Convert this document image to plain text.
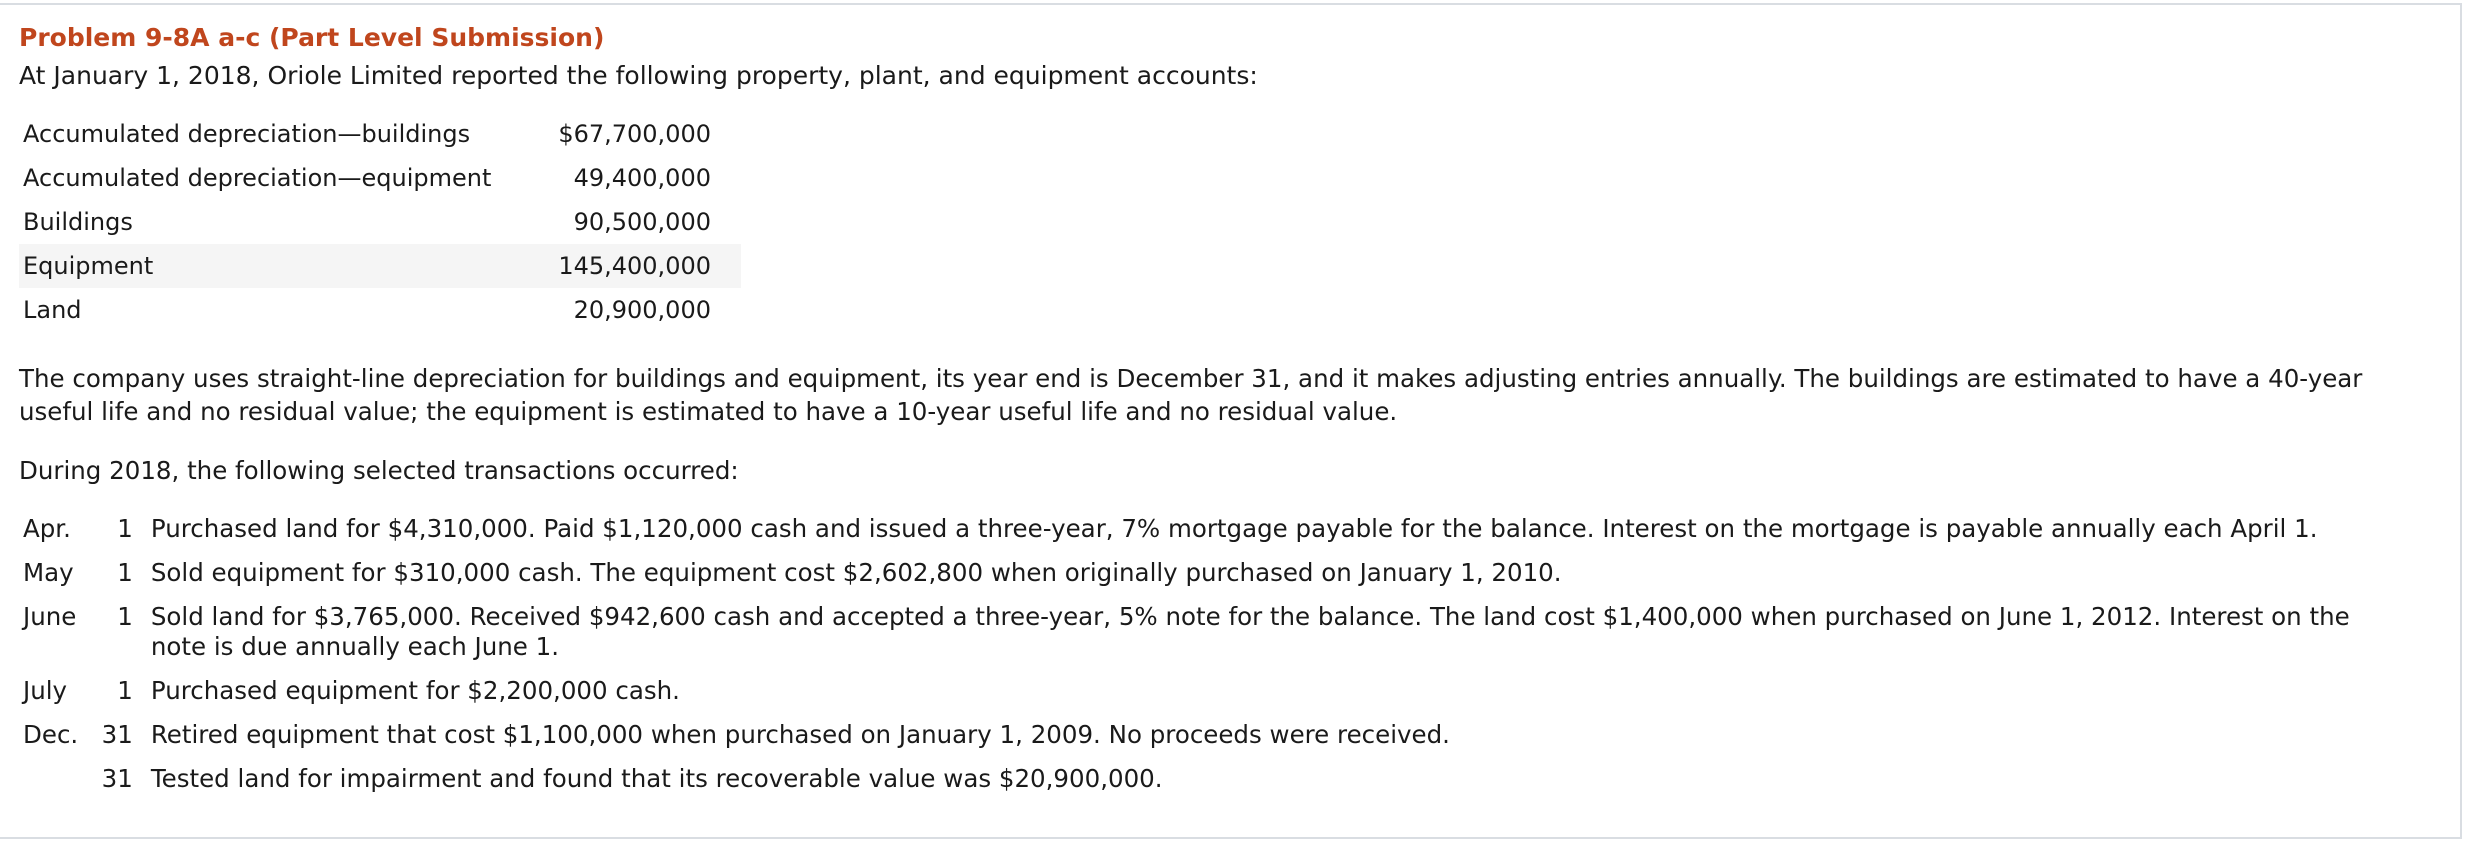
Problem 9-8A a-c (Part Level Submission)

At January 1, 2018, Oriole Limited reported the following property, plant, and equipment accounts:

Accumulated depreciation—buildings	$67,700,000
Accumulated depreciation—equipment	49,400,000
Buildings	90,500,000
Equipment	145,400,000
Land	20,900,000

The company uses straight-line depreciation for buildings and equipment, its year end is December 31, and it makes adjusting entries annually. The buildings are estimated to have a 40-year useful life and no residual value; the equipment is estimated to have a 10-year useful life and no residual value.

During 2018, the following selected transactions occurred:

Apr.	1	Purchased land for $4,310,000. Paid $1,120,000 cash and issued a three-year, 7% mortgage payable for the balance. Interest on the mortgage is payable annually each April 1.
May	1	Sold equipment for $310,000 cash. The equipment cost $2,602,800 when originally purchased on January 1, 2010.
June	1	Sold land for $3,765,000. Received $942,600 cash and accepted a three-year, 5% note for the balance. The land cost $1,400,000 when purchased on June 1, 2012. Interest on the note is due annually each June 1.
July	1	Purchased equipment for $2,200,000 cash.
Dec.	31	Retired equipment that cost $1,100,000 when purchased on January 1, 2009. No proceeds were received.
	31	Tested land for impairment and found that its recoverable value was $20,900,000.
